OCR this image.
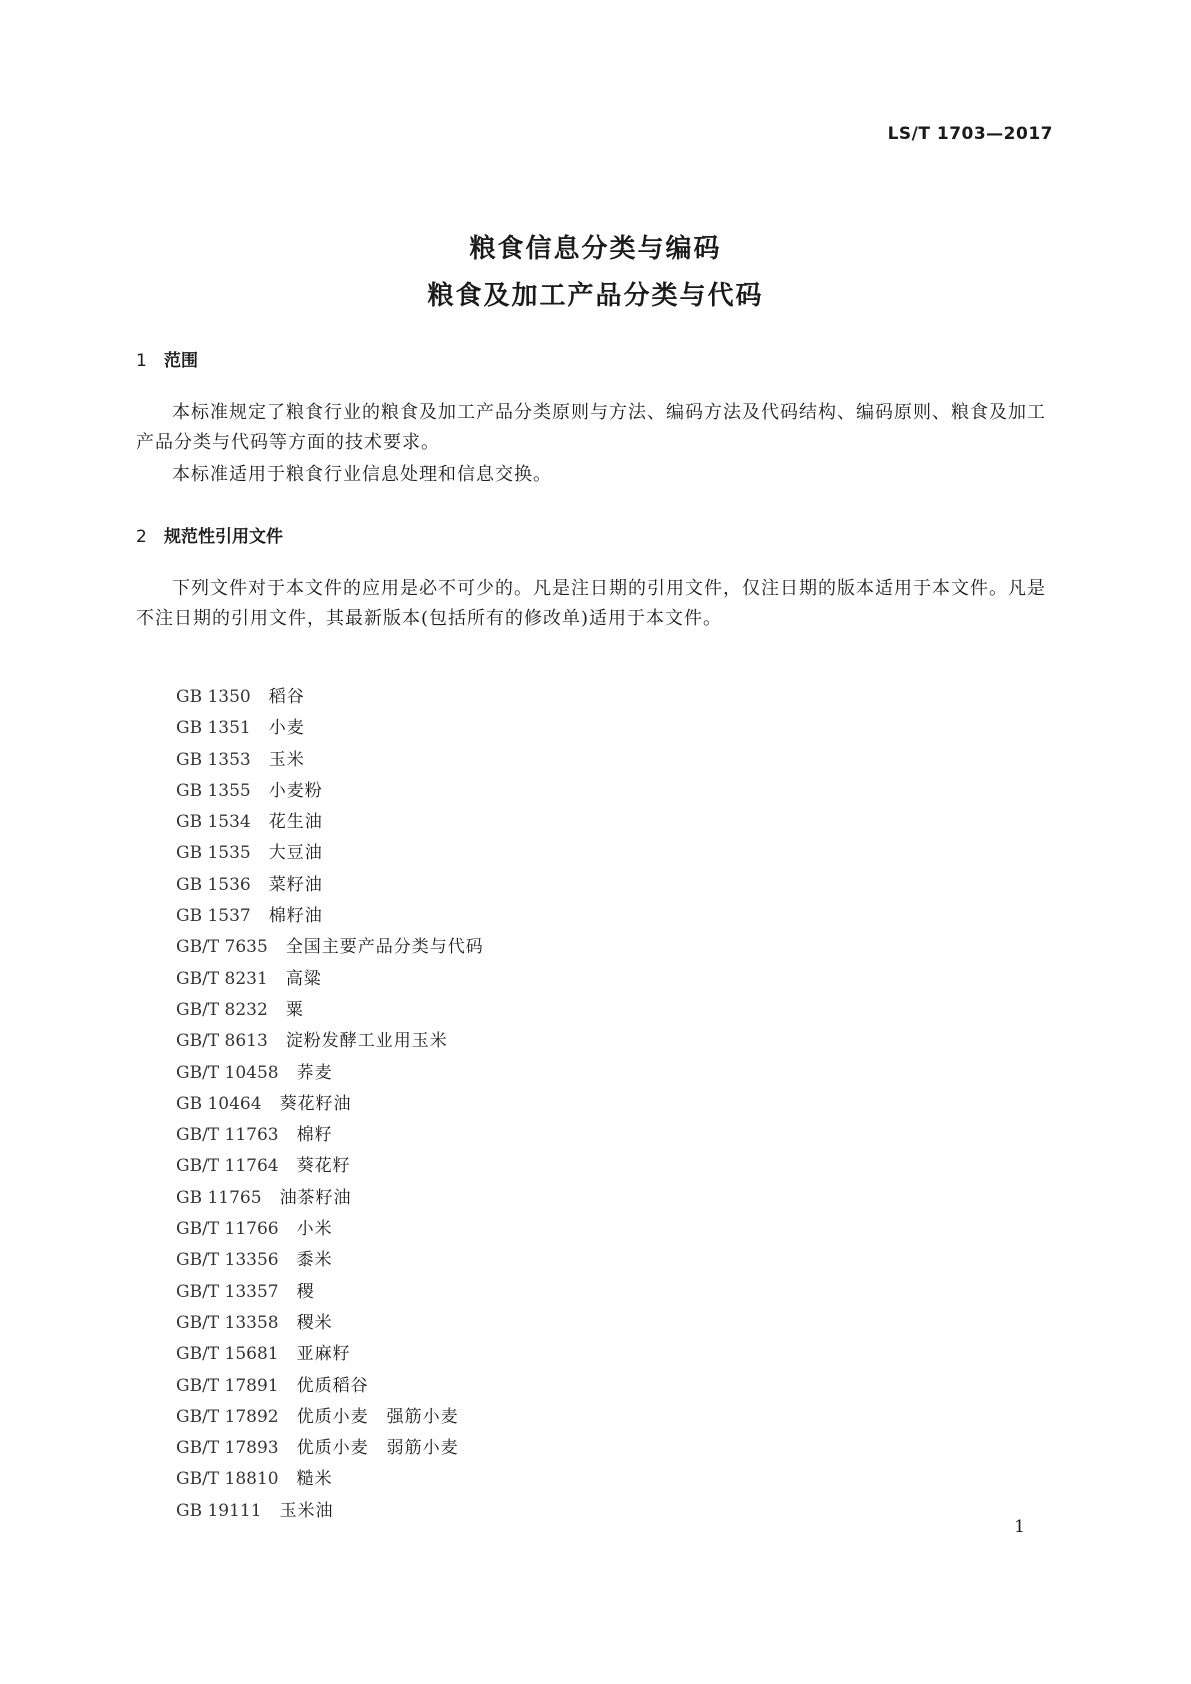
LS/T 1703—2017
粮食信息分类与编码
粮食及加工产品分类与代码
1 范围

本标准规定了粮食行业的粮食及加工产品分类原则与方法、编码方法及代码结构、编码原则、粮食及加工产品分类与代码等方面的技术要求。

本标准适用于粮食行业信息处理和信息交换。

2 规范性引用文件

下列文件对于本文件的应用是必不可少的。凡是注日期的引用文件，仅注日期的版本适用于本文件。凡是不注日期的引用文件，其最新版本(包括所有的修改单)适用于本文件。

GB 1350 稻谷
GB 1351 小麦
GB 1353 玉米
GB 1355 小麦粉
GB 1534 花生油
GB 1535 大豆油
GB 1536 菜籽油
GB 1537 棉籽油
GB/T 7635 全国主要产品分类与代码
GB/T 8231 高粱
GB/T 8232 粟
GB/T 8613 淀粉发酵工业用玉米
GB/T 10458 荞麦
GB 10464 葵花籽油
GB/T 11763 棉籽
GB/T 11764 葵花籽
GB 11765 油茶籽油
GB/T 11766 小米
GB/T 13356 黍米
GB/T 13357 稷
GB/T 13358 稷米
GB/T 15681 亚麻籽
GB/T 17891 优质稻谷
GB/T 17892 优质小麦　强筋小麦
GB/T 17893 优质小麦　弱筋小麦
GB/T 18810 糙米
GB 19111 玉米油
1
